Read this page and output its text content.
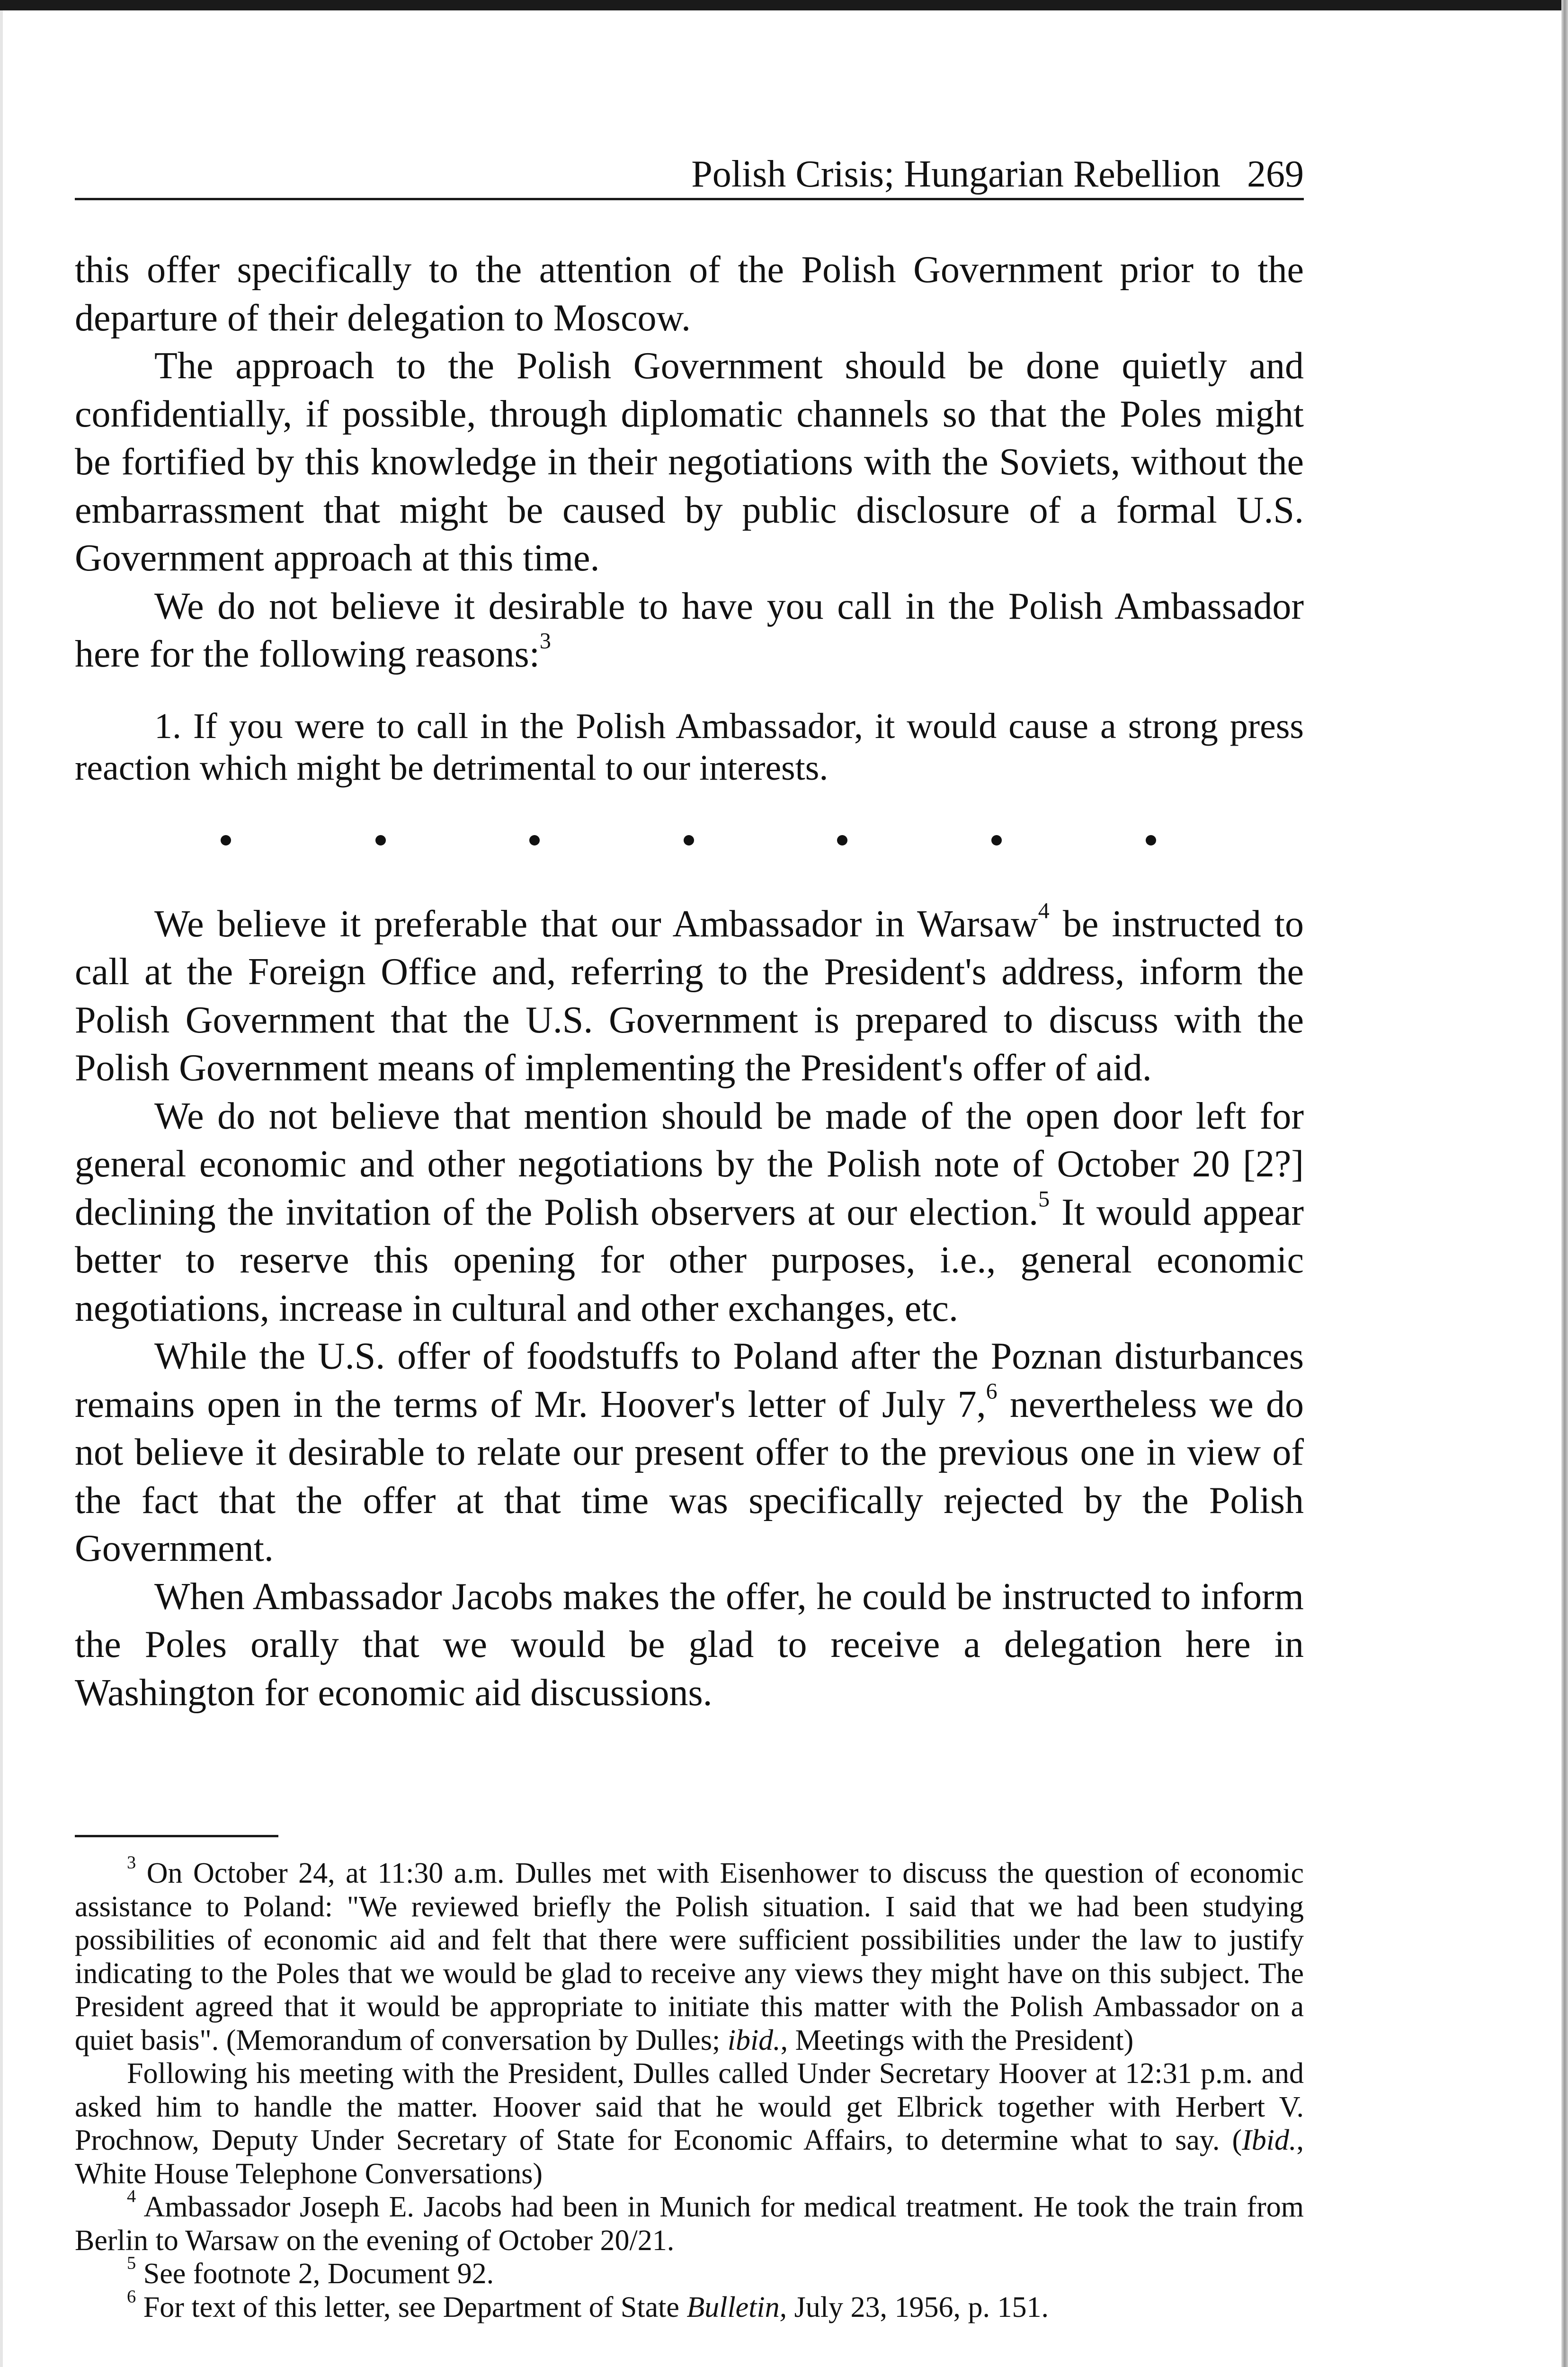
Polish Crisis; Hungarian Rebellion 269

this offer specifically to the attention of the Polish Government prior to the departure of their delegation to Moscow.

The approach to the Polish Government should be done quietly and confidentially, if possible, through diplomatic channels so that the Poles might be fortified by this knowledge in their negotiations with the Soviets, without the embarrassment that might be caused by public disclosure of a formal U.S. Government approach at this time.

We do not believe it desirable to have you call in the Polish Ambassador here for the following reasons:$^3$

1. If you were to call in the Polish Ambassador, it would cause a strong press reaction which might be detrimental to our interests.

We believe it preferable that our Ambassador in Warsaw$^4$ be instructed to call at the Foreign Office and, referring to the President's address, inform the Polish Government that the U.S. Government is prepared to discuss with the Polish Government means of implementing the President's offer of aid.

We do not believe that mention should be made of the open door left for general economic and other negotiations by the Polish note of October 20 [2?] declining the invitation of the Polish observers at our election.$^5$ It would appear better to reserve this opening for other purposes, i.e., general economic negotiations, increase in cultural and other exchanges, etc.

While the U.S. offer of foodstuffs to Poland after the Poznan disturbances remains open in the terms of Mr. Hoover's letter of July 7,$^6$ nevertheless we do not believe it desirable to relate our present offer to the previous one in view of the fact that the offer at that time was specifically rejected by the Polish Government.

When Ambassador Jacobs makes the offer, he could be instructed to inform the Poles orally that we would be glad to receive a delegation here in Washington for economic aid discussions.

$^3$ On October 24, at 11:30 a.m. Dulles met with Eisenhower to discuss the question of economic assistance to Poland: "We reviewed briefly the Polish situation. I said that we had been studying possibilities of economic aid and felt that there were sufficient possibilities under the law to justify indicating to the Poles that we would be glad to receive any views they might have on this subject. The President agreed that it would be appropriate to initiate this matter with the Polish Ambassador on a quiet basis". (Memorandum of conversation by Dulles; ibid., Meetings with the President)

Following his meeting with the President, Dulles called Under Secretary Hoover at 12:31 p.m. and asked him to handle the matter. Hoover said that he would get Elbrick together with Herbert V. Prochnow, Deputy Under Secretary of State for Economic Affairs, to determine what to say. (Ibid., White House Telephone Conversations)

$^4$ Ambassador Joseph E. Jacobs had been in Munich for medical treatment. He took the train from Berlin to Warsaw on the evening of October 20/21.

$^5$ See footnote 2, Document 92.

$^6$ For text of this letter, see Department of State Bulletin, July 23, 1956, p. 151.
